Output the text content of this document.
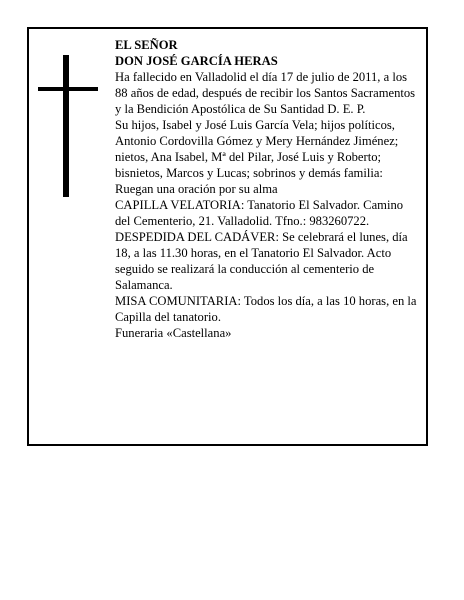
EL SEÑOR

DON JOSÉ GARCÍA HERAS

Ha fallecido en Valladolid el día 17 de julio de 2011, a los 88 años de edad, después de recibir los Santos Sacramentos y la Bendición Apostólica de Su Santidad D. E. P.

Su hijos, Isabel y José Luis García Vela; hijos políticos, Antonio Cordovilla Gómez y Mery Hernández Jiménez; nietos, Ana Isabel, Mª del Pilar, José Luis y Roberto; bisnietos, Marcos y Lucas; sobrinos y demás familia:

Ruegan una oración por su alma

CAPILLA VELATORIA: Tanatorio El Salvador. Camino del Cementerio, 21. Valladolid. Tfno.: 983260722.

DESPEDIDA DEL CADÁVER: Se celebrará el lunes, día 18, a las 11.30 horas, en el Tanatorio El Salvador. Acto seguido se realizará la conducción al cementerio de Salamanca.

MISA COMUNITARIA: Todos los día, a las 10 horas, en la Capilla del tanatorio.

Funeraria «Castellana»
